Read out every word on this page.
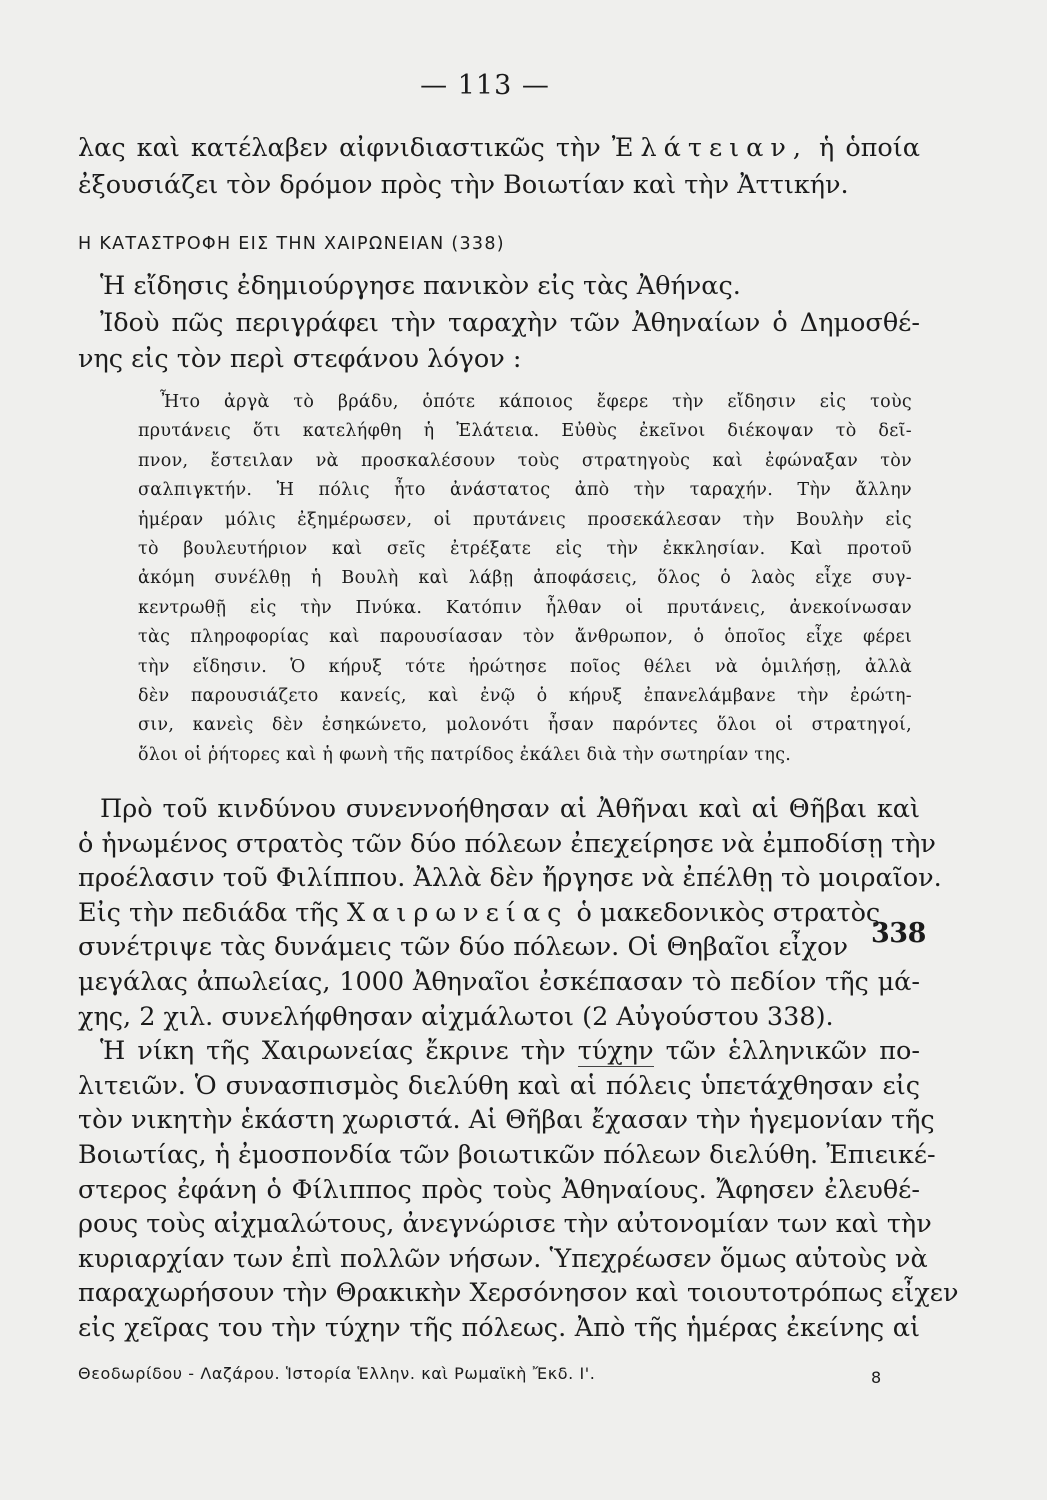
— 113 —
λας καὶ κατέλαβεν αἰφνιδιαστικῶς τὴν Ἐλάτειαν, ἡ ὁποία
ἐξουσιάζει τὸν δρόμον πρὸς τὴν Βοιωτίαν καὶ τὴν Ἀττικήν.
Η ΚΑΤΑΣΤΡΟΦΗ ΕΙΣ ΤΗΝ ΧΑΙΡΩΝΕΙΑΝ (338)
Ἡ εἴδησις ἐδημιούργησε πανικὸν εἰς τὰς Ἀθήνας.
Ἰδοὺ πῶς περιγράφει τὴν ταραχὴν τῶν Ἀθηναίων ὁ Δημοσθέ-
νης εἰς τὸν περὶ στεφάνου λόγον :
Ἦτο ἀργὰ τὸ βράδυ, ὁπότε κάποιος ἔφερε τὴν εἴδησιν εἰς τοὺς
πρυτάνεις ὅτι κατελήφθη ἡ Ἐλάτεια. Εὐθὺς ἐκεῖνοι διέκοψαν τὸ δεῖ-
πνον, ἔστειλαν νὰ προσκαλέσουν τοὺς στρατηγοὺς καὶ ἐφώναξαν τὸν
σαλπιγκτήν. Ἡ πόλις ἦτο ἀνάστατος ἀπὸ τὴν ταραχήν. Τὴν ἄλλην
ἡμέραν μόλις ἐξημέρωσεν, οἱ πρυτάνεις προσεκάλεσαν τὴν Βουλὴν εἰς
τὸ βουλευτήριον καὶ σεῖς ἐτρέξατε εἰς τὴν ἐκκλησίαν. Καὶ προτοῦ
ἀκόμη συνέλθῃ ἡ Βουλὴ καὶ λάβῃ ἀποφάσεις, ὅλος ὁ λαὸς εἶχε συγ-
κεντρωθῇ εἰς τὴν Πνύκα. Κατόπιν ἦλθαν οἱ πρυτάνεις, ἀνεκοίνωσαν
τὰς πληροφορίας καὶ παρουσίασαν τὸν ἄνθρωπον, ὁ ὁποῖος εἶχε φέρει
τὴν εἴδησιν. Ὁ κήρυξ τότε ἠρώτησε ποῖος θέλει νὰ ὁμιλήσῃ, ἀλλὰ
δὲν παρουσιάζετο κανείς, καὶ ἐνῷ ὁ κήρυξ ἐπανελάμβανε τὴν ἐρώτη-
σιν, κανεὶς δὲν ἐσηκώνετο, μολονότι ἦσαν παρόντες ὅλοι οἱ στρατηγοί,
ὅλοι οἱ ῥήτορες καὶ ἡ φωνὴ τῆς πατρίδος ἐκάλει διὰ τὴν σωτηρίαν της.
Πρὸ τοῦ κινδύνου συνεννοήθησαν αἱ Ἀθῆναι καὶ αἱ Θῆβαι καὶ
ὁ ἡνωμένος στρατὸς τῶν δύο πόλεων ἐπεχείρησε νὰ ἐμποδίσῃ τὴν
προέλασιν τοῦ Φιλίππου. Ἀλλὰ δὲν ἤργησε νὰ ἐπέλθῃ τὸ μοιραῖον.
Εἰς τὴν πεδιάδα τῆς Χαιρωνείας ὁ μακεδονικὸς στρατὸς
συνέτριψε τὰς δυνάμεις τῶν δύο πόλεων. Οἱ Θηβαῖοι εἶχον
μεγάλας ἀπωλείας, 1000 Ἀθηναῖοι ἐσκέπασαν τὸ πεδίον τῆς μά-
χης, 2 χιλ. συνελήφθησαν αἰχμάλωτοι (2 Αὐγούστου 338).
Ἡ νίκη τῆς Χαιρωνείας ἔκρινε τὴν τύχην τῶν ἑλληνικῶν πο-
λιτειῶν. Ὁ συνασπισμὸς διελύθη καὶ αἱ πόλεις ὑπετάχθησαν εἰς
τὸν νικητὴν ἑκάστη χωριστά. Αἱ Θῆβαι ἔχασαν τὴν ἡγεμονίαν τῆς
Βοιωτίας, ἡ ἐμοσπονδία τῶν βοιωτικῶν πόλεων διελύθη. Ἐπιεικέ-
στερος ἐφάνη ὁ Φίλιππος πρὸς τοὺς Ἀθηναίους. Ἄφησεν ἐλευθέ-
ρους τοὺς αἰχμαλώτους, ἀνεγνώρισε τὴν αὐτονομίαν των καὶ τὴν
κυριαρχίαν των ἐπὶ πολλῶν νήσων. Ὑπεχρέωσεν ὅμως αὐτοὺς νὰ
παραχωρήσουν τὴν Θρακικὴν Χερσόνησον καὶ τοιουτοτρόπως εἶχεν
εἰς χεῖρας του τὴν τύχην τῆς πόλεως. Ἀπὸ τῆς ἡμέρας ἐκείνης αἱ
338
Θεοδωρίδου - Λαζάρου. Ἱστορία Ἑλλην. καὶ Ρωμαϊκὴ Ἔκδ. Ι'.	8
